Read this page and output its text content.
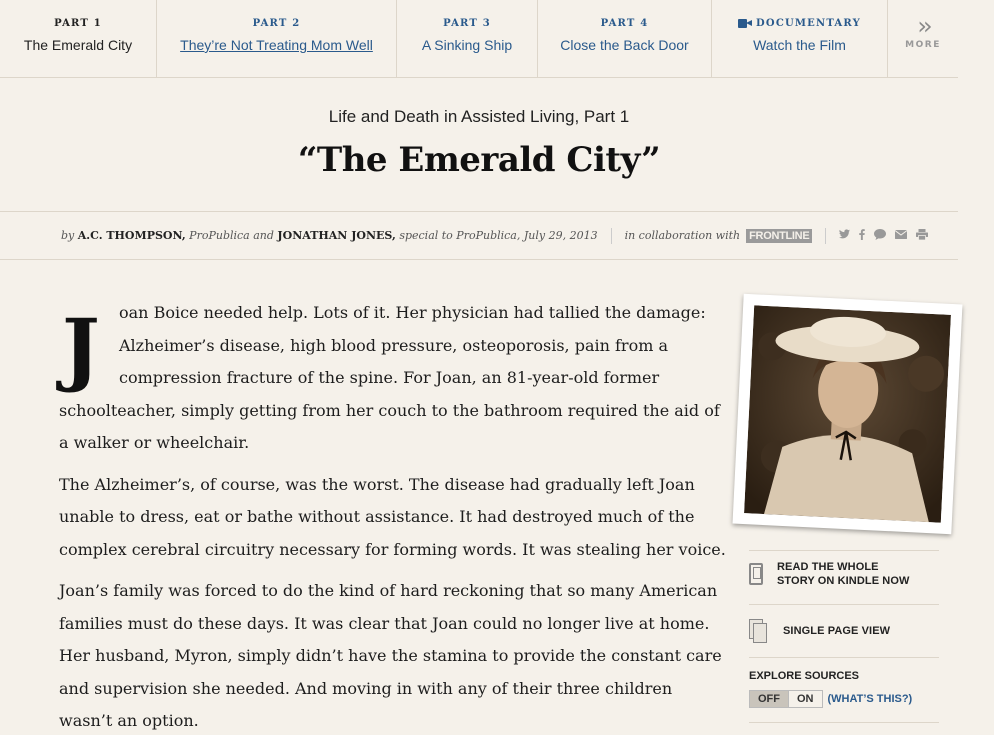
PART 1
The Emerald City
PART 2
They’re Not Treating Mom Well
PART 3
A Sinking Ship
PART 4
Close the Back Door
DOCUMENTARY
Watch the Film
››
MORE
Life and Death in Assisted Living, Part 1
“The Emerald City”
by
A.C. THOMPSON,
ProPublica and
JONATHAN JONES,
special to ProPublica, July 29, 2013 in collaboration with FRONTLINE
J	oan Boice needed help. Lots of it. Her physician had tallied the damage:
Alzheimer’s disease, high blood pressure, osteoporosis, pain from a
compression fracture of the spine. For Joan, an 81-year-old former
schoolteacher, simply getting from her couch to the bathroom required the aid of
a walker or wheelchair.

The Alzheimer’s, of course, was the worst. The disease had gradually left Joan
unable to dress, eat or bathe without assistance. It had destroyed much of the
complex cerebral circuitry necessary for forming words. It was stealing her voice.

Joan’s family was forced to do the kind of hard reckoning that so many American
families must do these days. It was clear that Joan could no longer live at home.
Her husband, Myron, simply didn’t have the stamina to provide the constant care
and supervision she needed. And moving in with any of their three children
wasn’t an option.

READ THE WHOLE
STORY ON KINDLE NOW
SINGLE PAGE VIEW
EXPLORE SOURCES
OFF	ON	(WHAT’S THIS?)
